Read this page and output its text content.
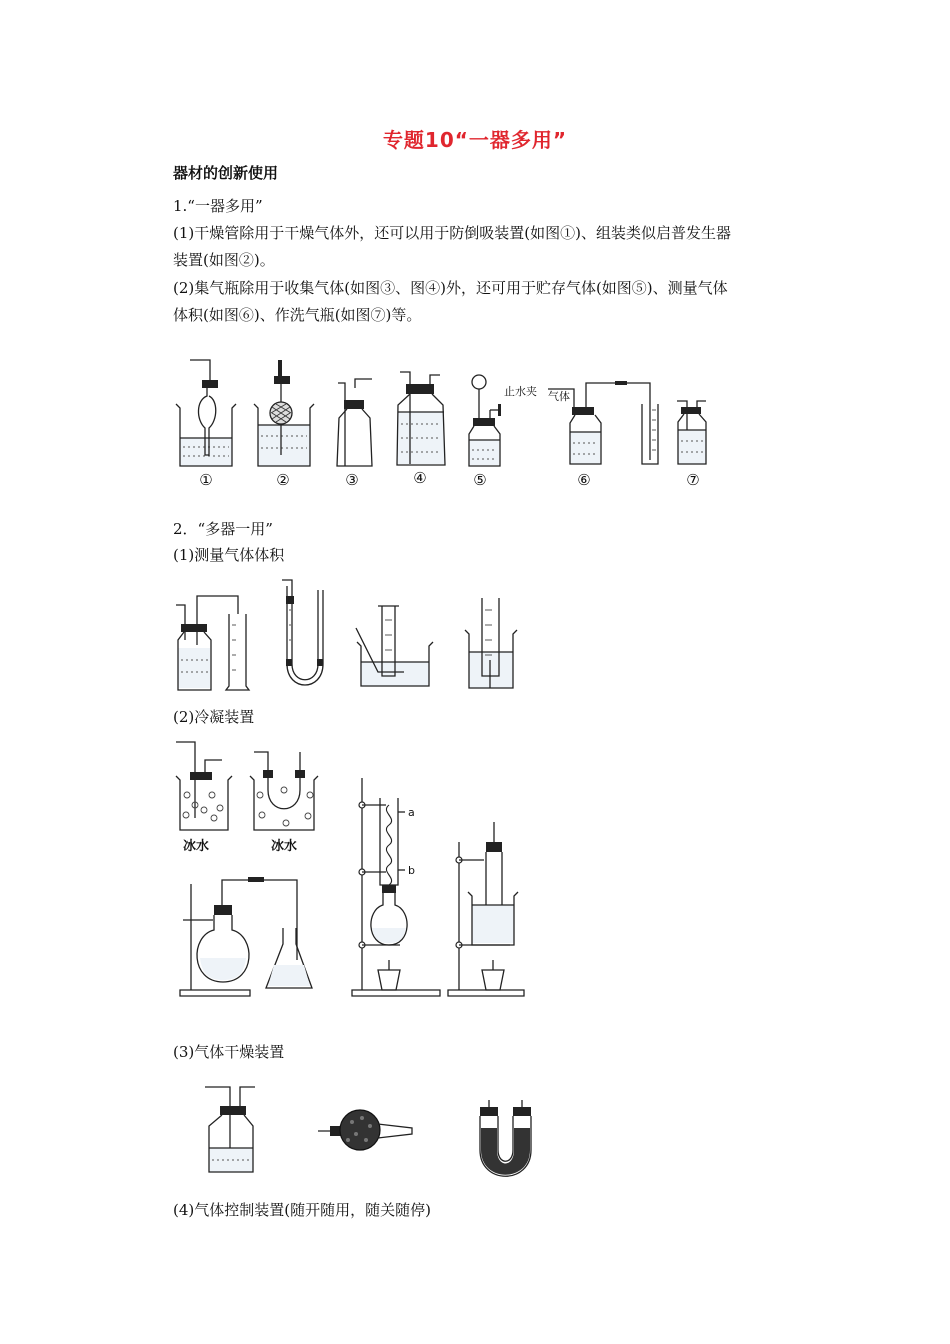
专题10“一器多用”
器材的创新使用
1.“一器多用”
(1)干燥管除用于干燥气体外，还可以用于防倒吸装置(如图①)、组装类似启普发生器
装置(如图②)。
(2)集气瓶除用于收集气体(如图③、图④)外，还可用于贮存气体(如图⑤)、测量气体
体积(如图⑥)、作洗气瓶(如图⑦)等。
止水夹 气体
①	②	③	④	⑤	⑥	⑦
2．“多器一用”
(1)测量气体体积
(2)冷凝装置
冰水	冰水
a
b
(3)气体干燥装置
(4)气体控制装置(随开随用，随关随停)
